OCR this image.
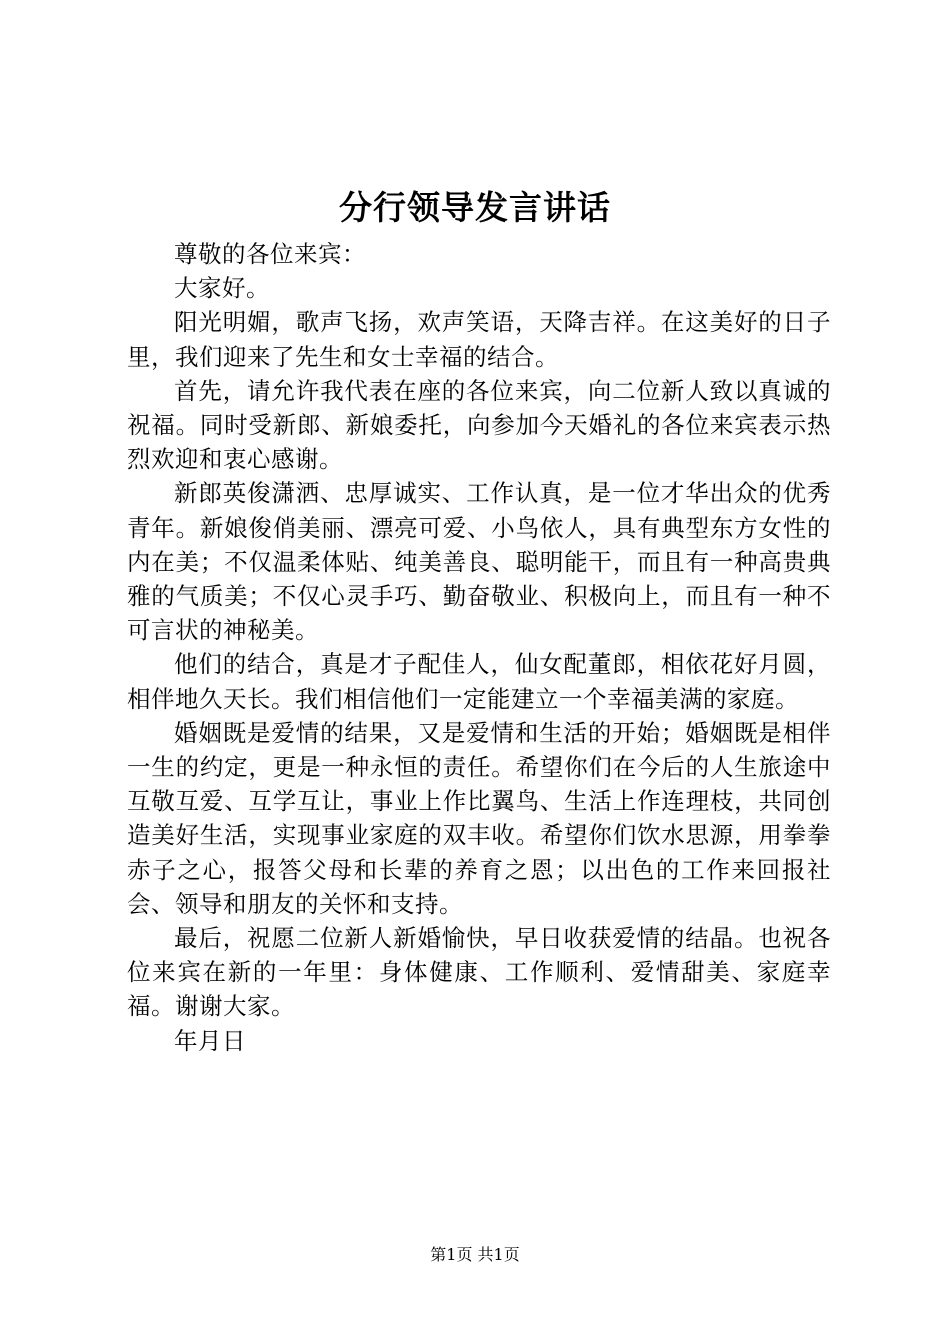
分行领导发言讲话

尊敬的各位来宾：

大家好。

阳光明媚，歌声飞扬，欢声笑语，天降吉祥。在这美好的日子里，我们迎来了先生和女士幸福的结合。

首先，请允许我代表在座的各位来宾，向二位新人致以真诚的祝福。同时受新郎、新娘委托，向参加今天婚礼的各位来宾表示热烈欢迎和衷心感谢。

新郎英俊潇洒、忠厚诚实、工作认真，是一位才华出众的优秀青年。新娘俊俏美丽、漂亮可爱、小鸟依人，具有典型东方女性的内在美；不仅温柔体贴、纯美善良、聪明能干，而且有一种高贵典雅的气质美；不仅心灵手巧、勤奋敬业、积极向上，而且有一种不可言状的神秘美。

他们的结合，真是才子配佳人，仙女配董郎，相依花好月圆，相伴地久天长。我们相信他们一定能建立一个幸福美满的家庭。

婚姻既是爱情的结果，又是爱情和生活的开始；婚姻既是相伴一生的约定，更是一种永恒的责任。希望你们在今后的人生旅途中互敬互爱、互学互让，事业上作比翼鸟、生活上作连理枝，共同创造美好生活，实现事业家庭的双丰收。希望你们饮水思源，用拳拳赤子之心，报答父母和长辈的养育之恩；以出色的工作来回报社会、领导和朋友的关怀和支持。

最后，祝愿二位新人新婚愉快，早日收获爱情的结晶。也祝各位来宾在新的一年里：身体健康、工作顺利、爱情甜美、家庭幸福。谢谢大家。

年月日

第1页 共1页
